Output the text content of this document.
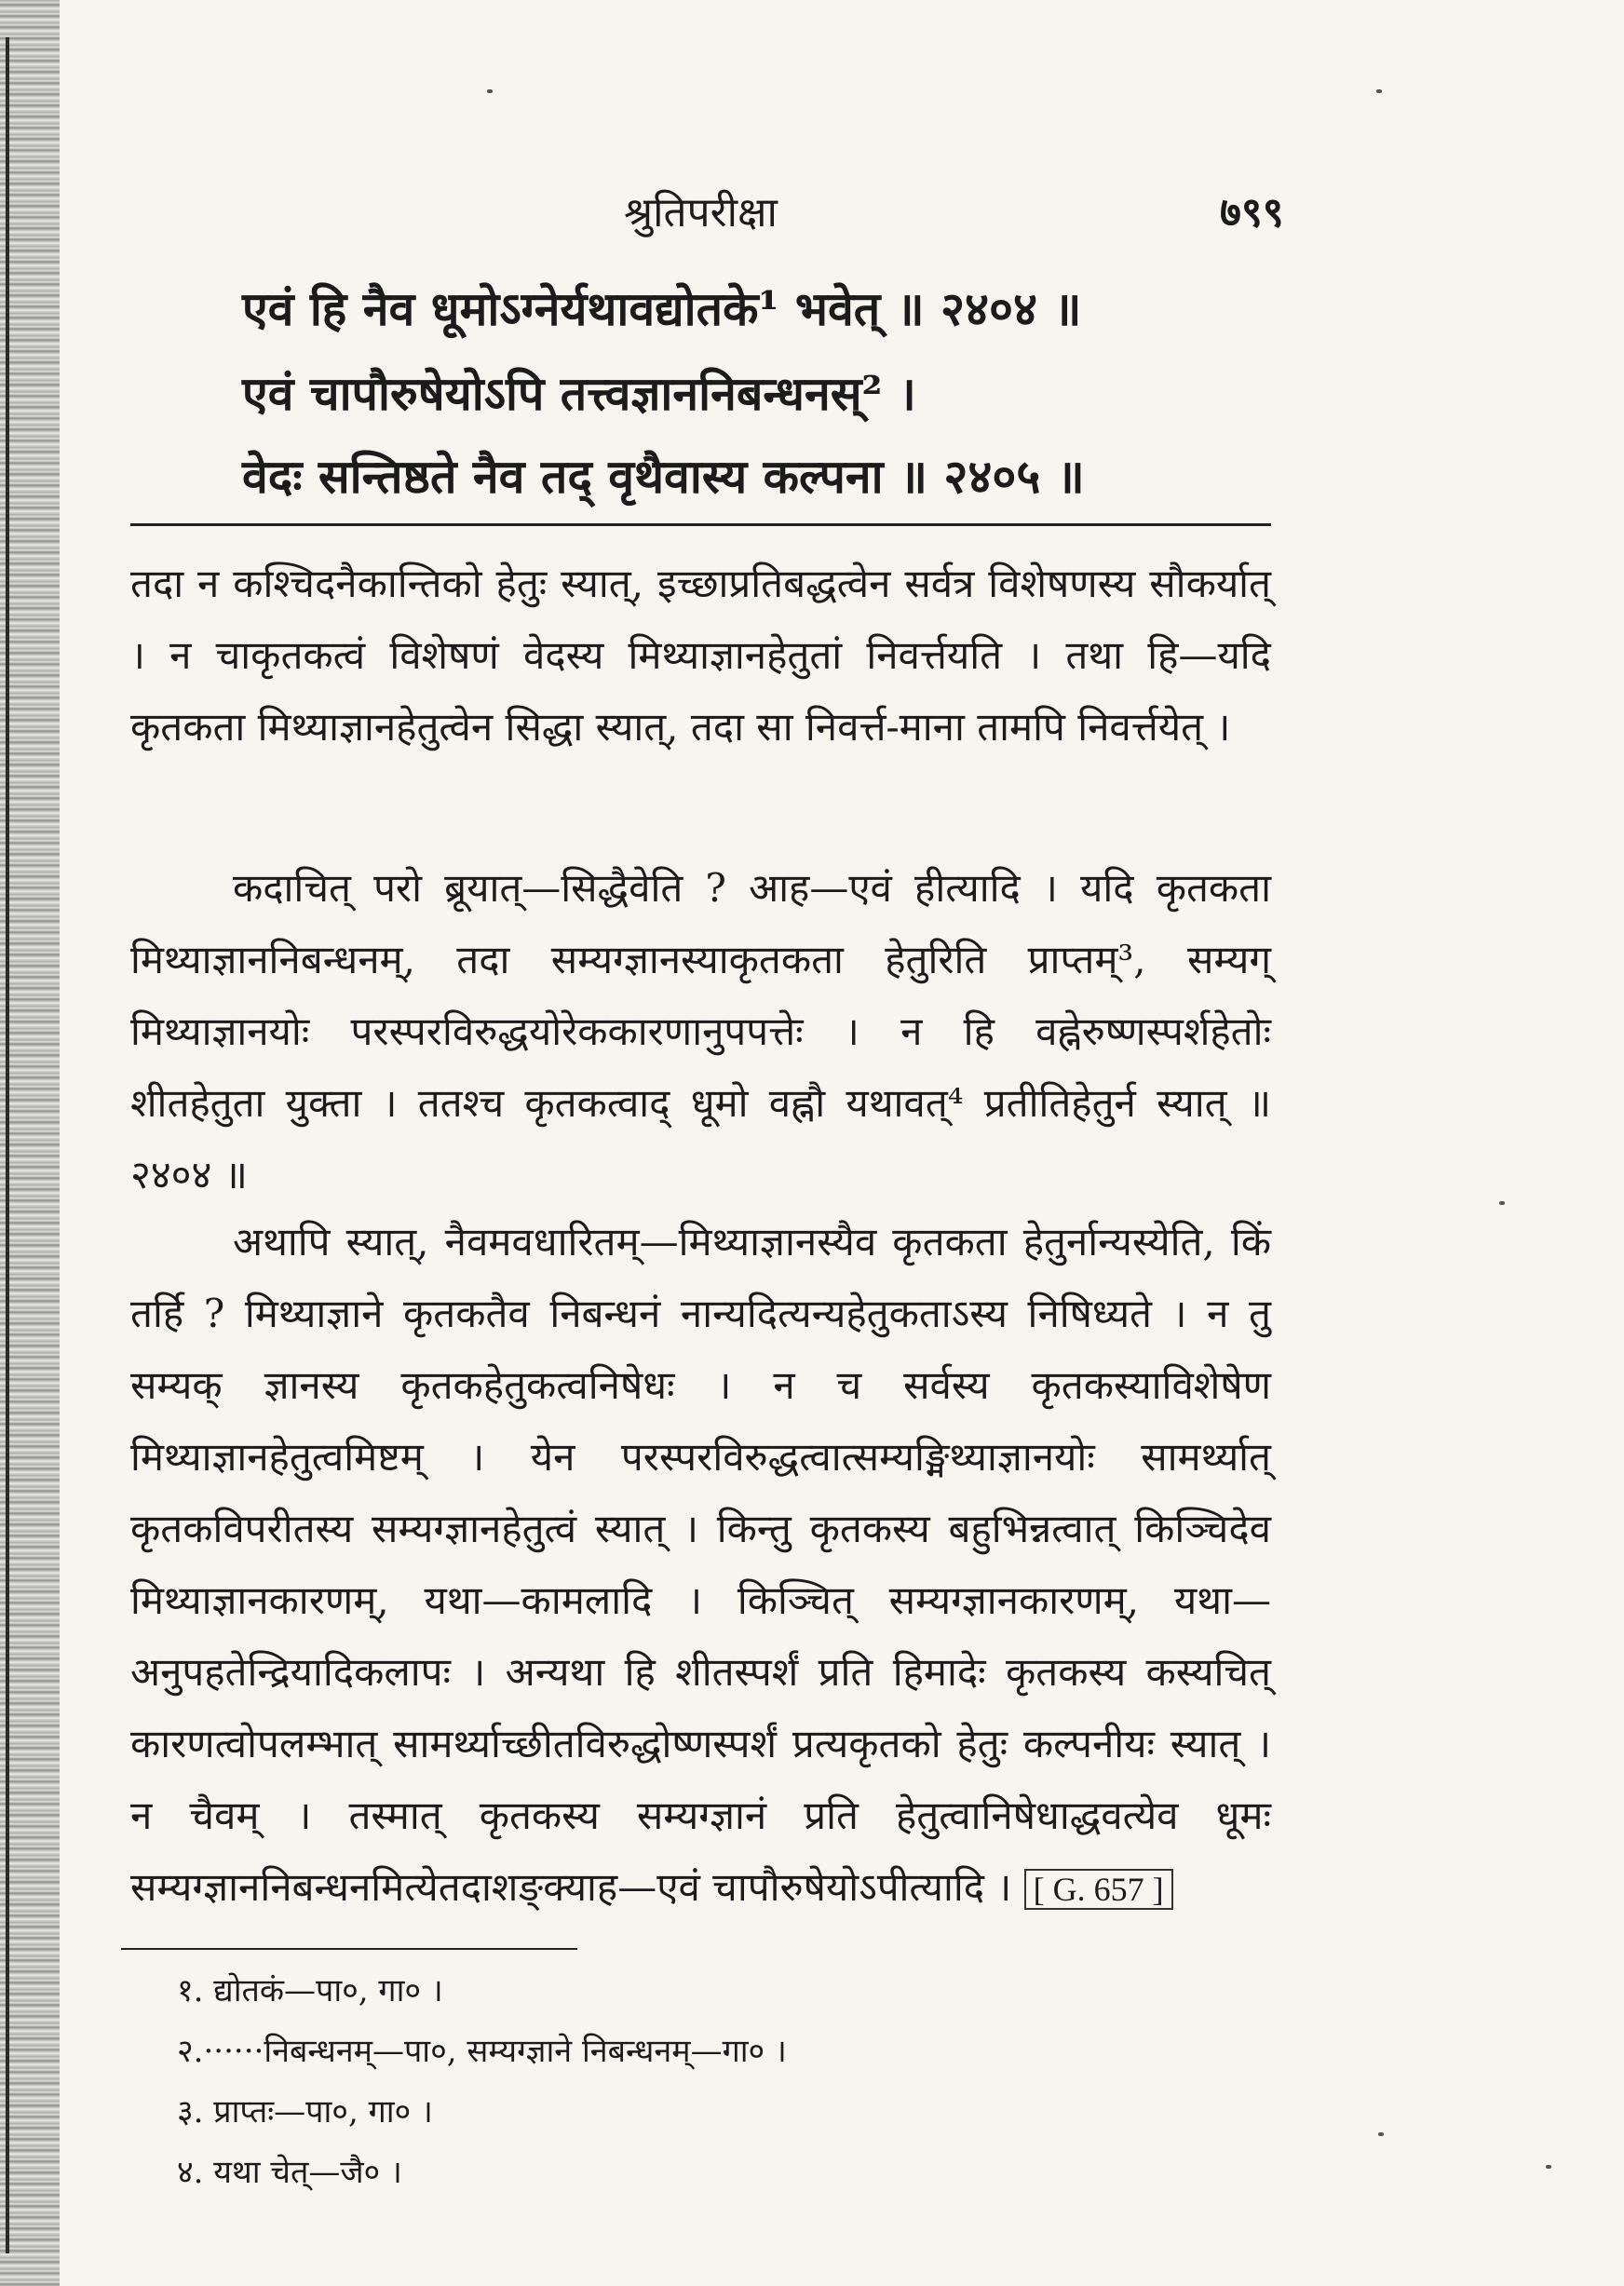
श्रुतिपरीक्षा	७९९
एवं हि नैव धूमोऽग्नेर्यथावद्योतके¹ भवेत् ॥ २४०४ ॥
एवं चापौरुषेयोऽपि तत्त्वज्ञाननिबन्धनस्² ।
वेदः सन्तिष्ठते नैव तद् वृथैवास्य कल्पना ॥ २४०५ ॥

तदा न कश्चिदनैकान्तिको हेतुः स्यात्, इच्छाप्रतिबद्धत्वेन सर्वत्र विशेषणस्य सौकर्यात् । न चाकृतकत्वं विशेषणं वेदस्य मिथ्याज्ञानहेतुतां निवर्त्तयति । तथा हि—यदि कृतकता मिथ्याज्ञानहेतुत्वेन सिद्धा स्यात्, तदा सा निवर्त्त-माना तामपि निवर्त्तयेत् ।

कदाचित् परो ब्रूयात्—सिद्धैवेति ? आह—एवं हीत्यादि । यदि कृतकता मिथ्याज्ञाननिबन्धनम्, तदा सम्यग्ज्ञानस्याकृतकता हेतुरिति प्राप्तम्³, सम्यग् मिथ्याज्ञानयोः परस्परविरुद्धयोरेककारणानुपपत्तेः । न हि वह्नेरुष्णस्पर्शहेतोः शीतहेतुता युक्ता । ततश्च कृतकत्वाद् धूमो वह्नौ यथावत्⁴ प्रतीतिहेतुर्न स्यात् ॥ २४०४ ॥

अथापि स्यात्, नैवमवधारितम्—मिथ्याज्ञानस्यैव कृतकता हेतुर्नान्यस्येति, किं तर्हि ? मिथ्याज्ञाने कृतकतैव निबन्धनं नान्यदित्यन्यहेतुकताऽस्य निषिध्यते । न तु सम्यक् ज्ञानस्य कृतकहेतुकत्वनिषेधः । न च सर्वस्य कृतकस्याविशेषेण मिथ्याज्ञानहेतुत्वमिष्टम् । येन परस्परविरुद्धत्वात्सम्यङ्मिथ्याज्ञानयोः सामर्थ्यात् कृतकविपरीतस्य सम्यग्ज्ञानहेतुत्वं स्यात् । किन्तु कृतकस्य बहुभिन्नत्वात् किञ्चिदेव मिथ्याज्ञानकारणम्, यथा—कामलादि । किञ्चित् सम्यग्ज्ञानकारणम्, यथा—अनुपहतेन्द्रियादिकलापः । अन्यथा हि शीतस्पर्शं प्रति हिमादेः कृतकस्य कस्यचित् कारणत्वोपलम्भात् सामर्थ्याच्छीतविरुद्धोष्णस्पर्शं प्रत्यकृतको हेतुः कल्पनीयः स्यात् । न चैवम् । तस्मात् कृतकस्य सम्यग्ज्ञानं प्रति हेतुत्वानिषेधाद्धवत्येव धूमः सम्यग्ज्ञाननिबन्धनमित्येतदाशङ्क्याह—एवं चापौरुषेयोऽपीत्यादि । [ G. 657 ]

१. द्योतकं—पा०, गा० ।
२.······निबन्धनम्—पा०, सम्यग्ज्ञाने निबन्धनम्—गा० ।
३. प्राप्तः—पा०, गा० ।
४. यथा चेत्—जै० ।
